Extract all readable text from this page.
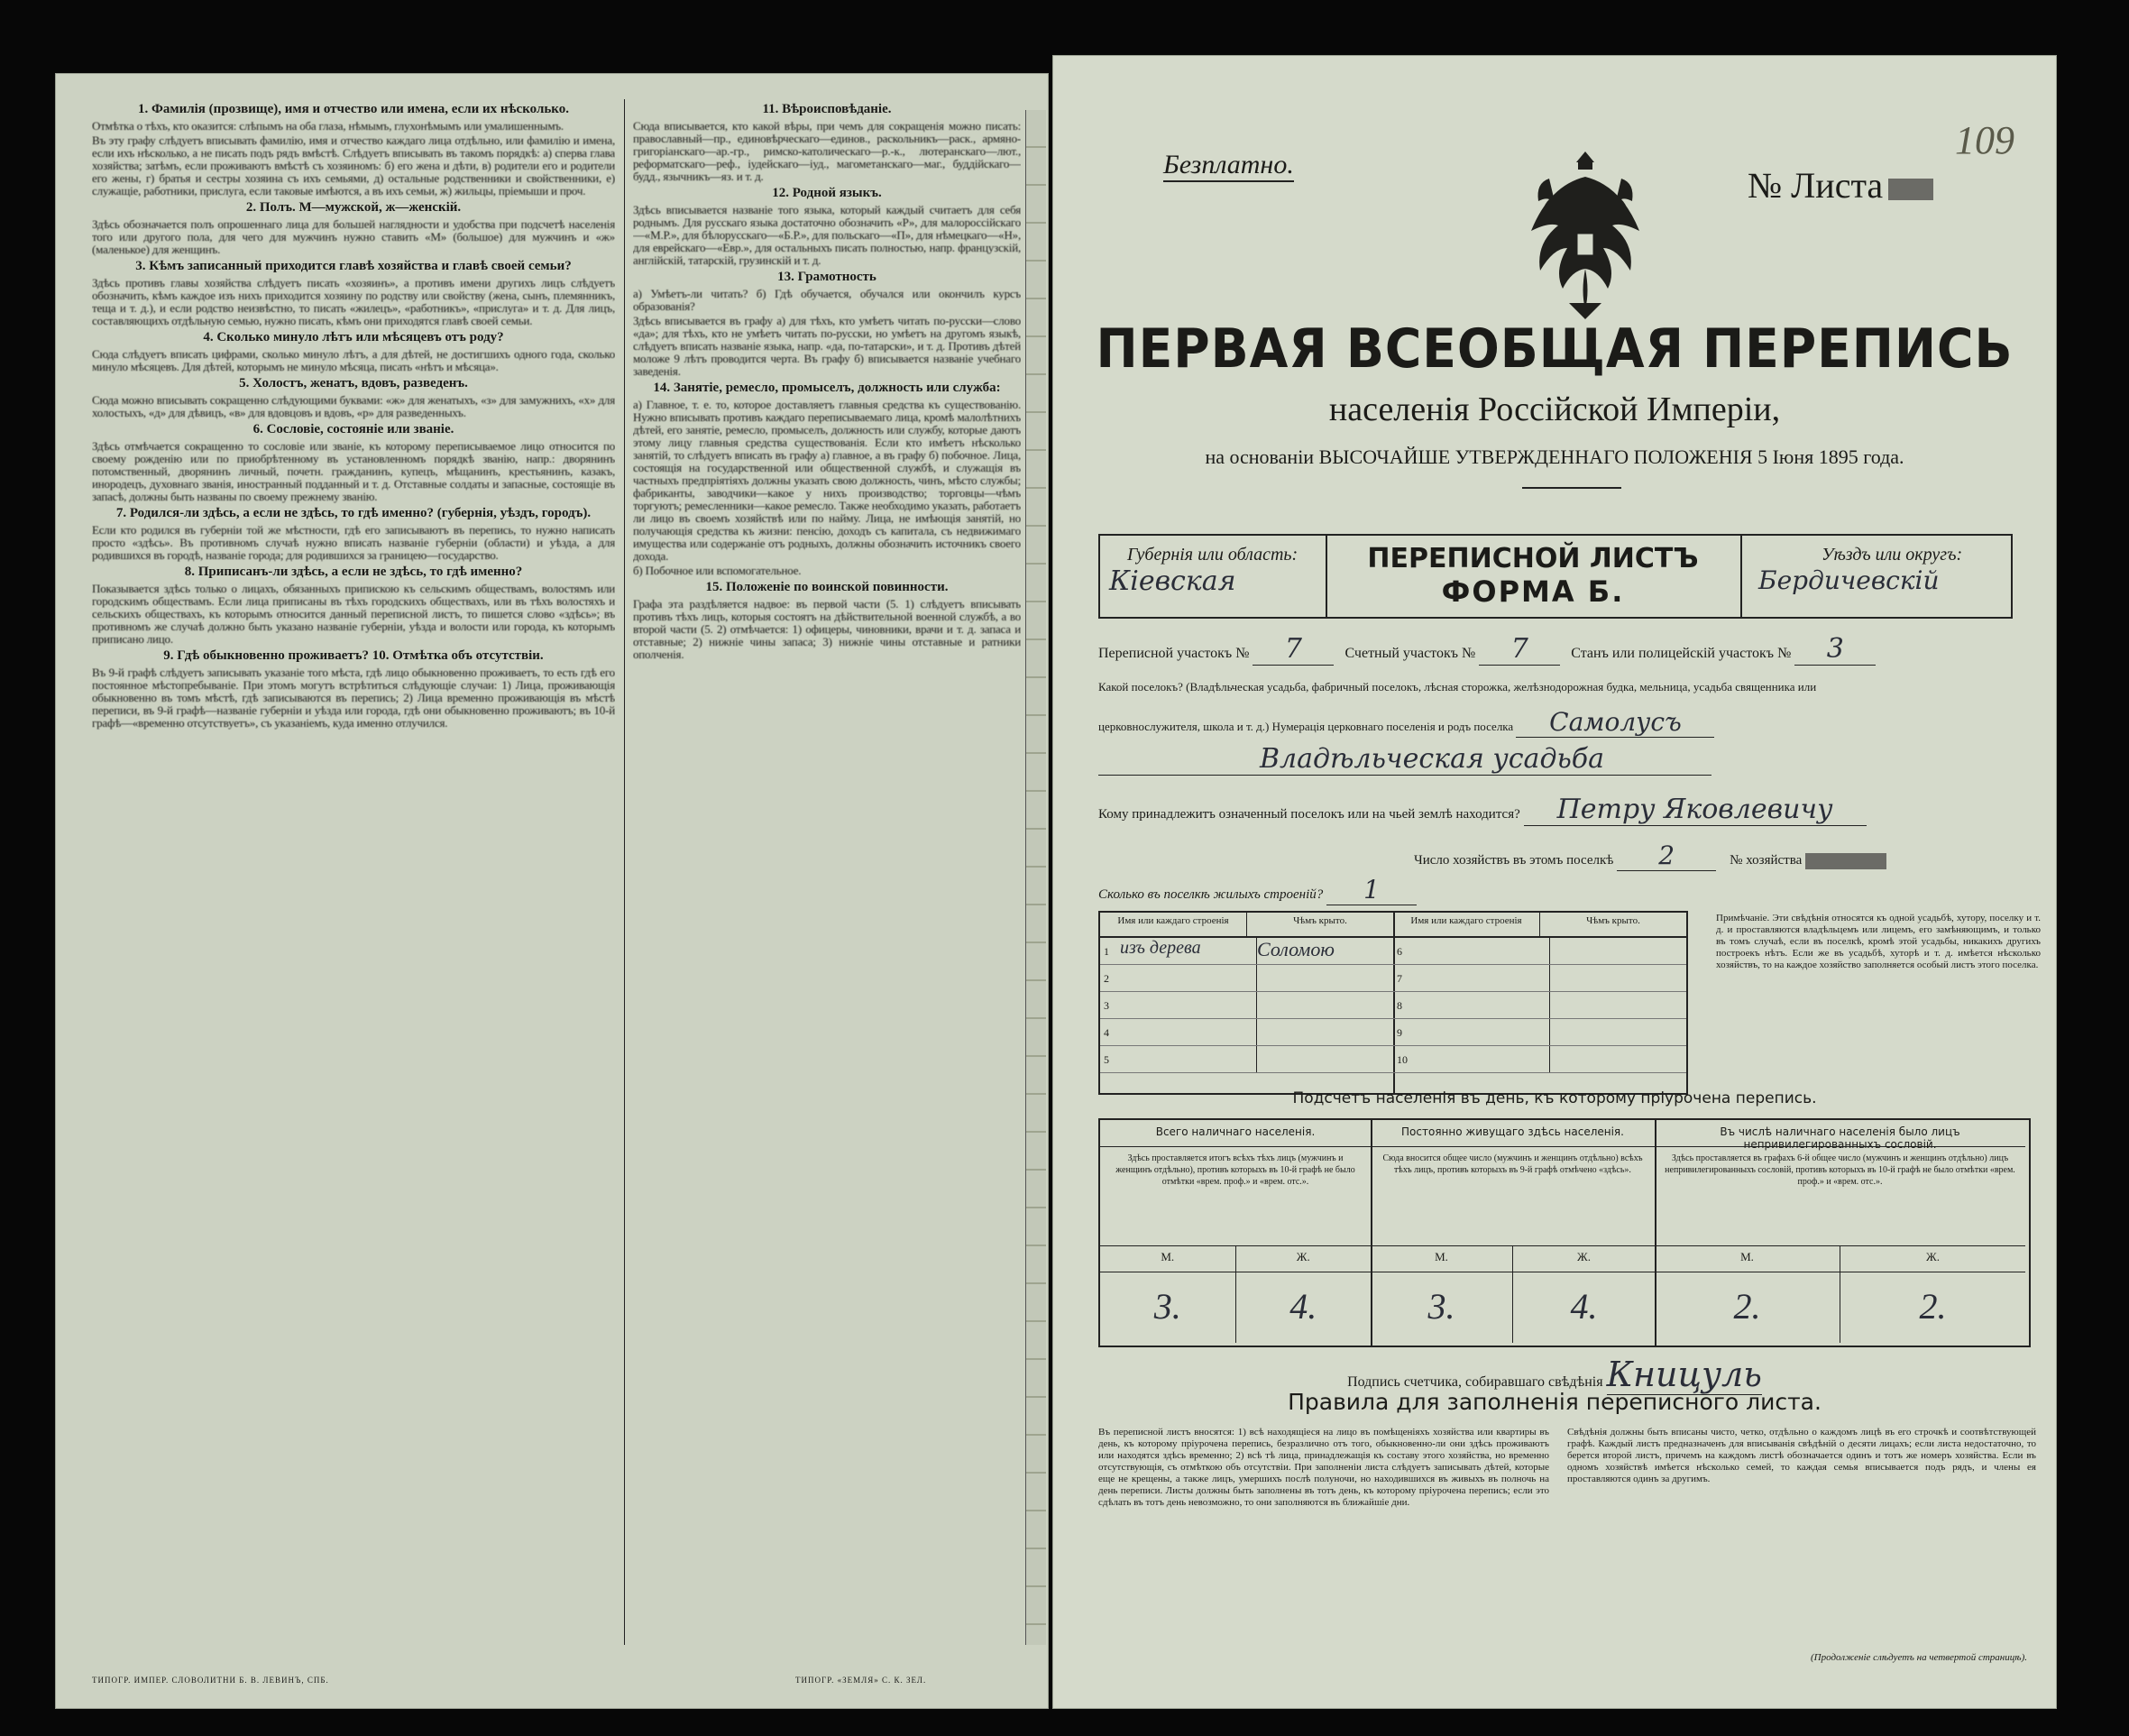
1. Фамилія (прозвище), имя и отчество или имена, если их нѣсколько.
Отмѣтка о тѣхъ, кто оказится: слѣпымъ на оба глаза, нѣмымъ, глухонѣмымъ или умалишеннымъ.
Въ эту графу слѣдуетъ вписывать фамилію, имя и отчество каждаго лица отдѣльно, или фамилію и имена, если ихъ нѣсколько, а не писать подъ рядъ вмѣстѣ. Слѣдуетъ вписывать въ такомъ порядкѣ: а) сперва глава хозяйства; затѣмъ, если проживаютъ вмѣстѣ съ хозяиномъ: б) его жена и дѣти, в) родители его и родители его жены, г) братья и сестры хозяина съ ихъ семьями, д) остальные родственники и свойственники, е) служащіе, работники, прислуга, если таковые имѣются, а въ ихъ семьи, ж) жильцы, пріемыши и проч.
2. Полъ. М—мужской, ж—женскій.
Здѣсь обозначается полъ опрошеннаго лица для большей наглядности и удобства при подсчетѣ населенія того или другого пола, для чего для мужчинъ нужно ставить «М» (большое) для мужчинъ и «ж» (маленькое) для женщинъ.
3. Кѣмъ записанный приходится главѣ хозяйства и главѣ своей семьи?
Здѣсь противъ главы хозяйства слѣдуетъ писать «хозяинъ», а противъ имени другихъ лицъ слѣдуетъ обозначить, кѣмъ каждое изъ нихъ приходится хозяину по родству или свойству (жена, сынъ, племянникъ, теща и т. д.), и если родство неизвѣстно, то писать «жилецъ», «работникъ», «прислуга» и т. д. Для лицъ, составляющихъ отдѣльную семью, нужно писать, кѣмъ они приходятся главѣ своей семьи.
4. Сколько минуло лѣтъ или мѣсяцевъ отъ роду?
Сюда слѣдуетъ вписать цифрами, сколько минуло лѣтъ, а для дѣтей, не достигшихъ одного года, сколько минуло мѣсяцевъ. Для дѣтей, которымъ не минуло мѣсяца, писать «нѣтъ и мѣсяца».
5. Холостъ, женатъ, вдовъ, разведенъ.
Сюда можно вписывать сокращенно слѣдующими буквами: «ж» для женатыхъ, «з» для замужнихъ, «х» для холостыхъ, «д» для дѣвицъ, «в» для вдовцовъ и вдовъ, «р» для разведенныхъ.
6. Сословіе, состояніе или званіе.
Здѣсь отмѣчается сокращенно то сословіе или званіе, къ которому переписываемое лицо относится по своему рожденію или по приобрѣтенному въ установленномъ порядкѣ званію, напр.: дворянинъ потомственный, дворянинъ личный, почетн. гражданинъ, купецъ, мѣщанинъ, крестьянинъ, казакъ, инородецъ, духовнаго званія, иностранный подданный и т. д. Отставные солдаты и запасные, состоящіе въ запасѣ, должны быть названы по своему прежнему званію.
7. Родился-ли здѣсь, а если не здѣсь, то гдѣ именно? (губернія, уѣздъ, городъ).
Если кто родился въ губерніи той же мѣстности, гдѣ его записываютъ въ перепись, то нужно написать просто «здѣсь». Въ противномъ случаѣ нужно вписать названіе губерніи (области) и уѣзда, а для родившихся въ городѣ, названіе города; для родившихся за границею—государство.
8. Приписанъ-ли здѣсь, а если не здѣсь, то гдѣ именно?
Показывается здѣсь только о лицахъ, обязанныхъ припискою къ сельскимъ обществамъ, волостямъ или городскимъ обществамъ. Если лица приписаны въ тѣхъ городскихъ обществахъ, или въ тѣхъ волостяхъ и сельскихъ обществахъ, къ которымъ относится данный переписной листъ, то пишется слово «здѣсь»; въ противномъ же случаѣ должно быть указано названіе губерніи, уѣзда и волости или города, къ которымъ приписано лицо.
9. Гдѣ обыкновенно проживаетъ? 10. Отмѣтка объ отсутствіи.
Въ 9-й графѣ слѣдуетъ записывать указаніе того мѣста, гдѣ лицо обыкновенно проживаетъ, то есть гдѣ его постоянное мѣстопребываніе. При этомъ могутъ встрѣтиться слѣдующіе случаи: 1) Лица, проживающія обыкновенно въ томъ мѣстѣ, гдѣ записываются въ перепись; 2) Лица временно проживающія въ мѣстѣ переписи, въ 9-й графѣ—названіе губерніи и уѣзда или города, гдѣ они обыкновенно проживаютъ; въ 10-й графѣ—«временно отсутствуетъ», съ указаніемъ, куда именно отлучился.
11. Вѣроисповѣданіе.
Сюда вписывается, кто какой вѣры, при чемъ для сокращенія можно писать: православный—пр., единовѣрческаго—единов., раскольникъ—раск., армяно-григоріанскаго—ар.-гр., римско-католическаго—р.-к., лютеранскаго—лют., реформатскаго—реф., іудейскаго—іуд., магометанскаго—маг., буддійскаго—будд., язычникъ—яз. и т. д.
12. Родной языкъ.
Здѣсь вписывается названіе того языка, который каждый считаетъ для себя роднымъ. Для русскаго языка достаточно обозначить «Р», для малороссійскаго—«М.Р.», для бѣлорусскаго—«Б.Р.», для польскаго—«П», для нѣмецкаго—«Н», для еврейскаго—«Евр.», для остальныхъ писать полностью, напр. французскій, англійскій, татарскій, грузинскій и т. д.
13. Грамотность
а) Умѣетъ-ли читать? б) Гдѣ обучается, обучался или окончилъ курсъ образованія?
Здѣсь вписывается въ графу а) для тѣхъ, кто умѣетъ читать по-русски—слово «да»; для тѣхъ, кто не умѣетъ читать по-русски, но умѣетъ на другомъ языкѣ, слѣдуетъ вписать названіе языка, напр. «да, по-татарски», и т. д. Противъ дѣтей моложе 9 лѣтъ проводится черта. Въ графу б) вписывается названіе учебнаго заведенія.
14. Занятіе, ремесло, промыселъ, должность или служба:
а) Главное, т. е. то, которое доставляетъ главныя средства къ существованію. Нужно вписывать противъ каждаго переписываемаго лица, кромѣ малолѣтнихъ дѣтей, его занятіе, ремесло, промыселъ, должность или службу, которые даютъ этому лицу главныя средства существованія. Если кто имѣетъ нѣсколько занятій, то слѣдуетъ вписать въ графу а) главное, а въ графу б) побочное. Лица, состоящія на государственной или общественной службѣ, и служащія въ частныхъ предпріятіяхъ должны указать свою должность, чинъ, мѣсто службы; фабриканты, заводчики—какое у нихъ производство; торговцы—чѣмъ торгуютъ; ремесленники—какое ремесло. Также необходимо указать, работаетъ ли лицо въ своемъ хозяйствѣ или по найму. Лица, не имѣющія занятій, но получающія средства къ жизни: пенсію, доходъ съ капитала, съ недвижимаго имущества или содержаніе отъ родныхъ, должны обозначить источникъ своего дохода.
б) Побочное или вспомогательное.
15. Положеніе по воинской повинности.
Графа эта раздѣляется надвое: въ первой части (5. 1) слѣдуетъ вписывать противъ тѣхъ лицъ, которыя состоятъ на дѣйствительной военной службѣ, а во второй части (5. 2) отмѣчается: 1) офицеры, чиновники, врачи и т. д. запаса и отставные; 2) нижніе чины запаса; 3) нижніе чины отставные и ратники ополченія.
ТИПОГР. ИМПЕР. СЛОВОЛИТНИ Б. В. ЛЕВИНЪ, СПБ.	ТИПОГР. «ЗЕМЛЯ» С. К. ЗЕЛ.
Безплатно.
109
№ Листа
ПЕРВАЯ ВСЕОБЩАЯ ПЕРЕПИСЬ
населенія Россійской Имперіи,
на основаніи ВЫСОЧАЙШЕ УТВЕРЖДЕННАГО ПОЛОЖЕНІЯ 5 Іюня 1895 года.
Губернія или область:
Кіевская
ПЕРЕПИСНОЙ ЛИСТЪ
ФОРМА Б.
Уѣздъ или округъ:
Бердичевскій
Переписной участокъ № 7	Счетный участокъ № 7	Станъ или полицейскій участокъ № 3
Какой поселокъ? (Владѣльческая усадьба, фабричный поселокъ, лѣсная сторожка, желѣзнодорожная будка, мельница, усадьба священника или
церковнослужителя, школа и т. д.) Нумерація церковнаго поселенія и родъ поселка Самолусъ
Владѣльческая усадьба
Кому принадлежитъ означенный поселокъ или на чьей землѣ находится? Петру Яковлевичу
Число хозяйствъ въ этомъ поселкѣ 2	№ хозяйства
Сколько въ поселкѣ жилыхъ строеній? 1
Имя или каждаго строенія	Чѣмъ крыто.
1 изъ дерева	Соломою
2
3
4
5
Имя или каждаго строенія	Чѣмъ крыто.
6
7
8
9
10
Примѣчаніе. Эти свѣдѣнія относятся къ одной усадьбѣ, хутору, поселку и т. д. и проставляются владѣльцемъ или лицемъ, его замѣняющимъ, и только въ томъ случаѣ, если въ поселкѣ, кромѣ этой усадьбы, никакихъ другихъ построекъ нѣтъ. Если же въ усадьбѣ, хуторѣ и т. д. имѣется нѣсколько хозяйствъ, то на каждое хозяйство заполняется особый листъ этого поселка.
Подсчетъ населенія въ день, къ которому пріурочена перепись.
Всего наличнаго населенія.
Здѣсь проставляется итогъ всѣхъ тѣхъ лицъ (мужчинъ и женщинъ отдѣльно), противъ которыхъ въ 10-й графѣ не было отмѣтки «врем. проф.» и «врем. отс.».
М.	Ж.
3.	4.
Постоянно живущаго здѣсь населенія.
Сюда вносится общее число (мужчинъ и женщинъ отдѣльно) всѣхъ тѣхъ лицъ, противъ которыхъ въ 9-й графѣ отмѣчено «здѣсь».
М.	Ж.
3.	4.
Въ числѣ наличнаго населенія было лицъ непривилегированныхъ сословій.
Здѣсь проставляется въ графахъ 6-й общее число (мужчинъ и женщинъ отдѣльно) лицъ непривилегированныхъ сословій, противъ которыхъ въ 10-й графѣ не было отмѣтки «врем. проф.» и «врем. отс.».
М.	Ж.
2.	2.
Подпись счетчика, собиравшаго свѣдѣнія Кницуль
Правила для заполненія переписного листа.
Въ переписной листъ вносятся: 1) всѣ находящіеся на лицо въ помѣщеніяхъ хозяйства или квартиры въ день, къ которому пріурочена перепись, безразлично отъ того, обыкновенно-ли они здѣсь проживаютъ или находятся здѣсь временно; 2) всѣ тѣ лица, принадлежащія къ составу этого хозяйства, но временно отсутствующія, съ отмѣткою объ отсутствіи. При заполненіи листа слѣдуетъ записывать дѣтей, которые еще не крещены, а также лицъ, умершихъ послѣ полуночи, но находившихся въ живыхъ въ полночь на день переписи. Листы должны быть заполнены въ тотъ день, къ которому пріурочена перепись; если это сдѣлать въ тотъ день невозможно, то они заполняются въ ближайшіе дни.
Свѣдѣнія должны быть вписаны чисто, четко, отдѣльно о каждомъ лицѣ въ его строчкѣ и соотвѣтствующей графѣ. Каждый листъ предназначенъ для вписыванія свѣдѣній о десяти лицахъ; если листа недостаточно, то берется второй листъ, причемъ на каждомъ листѣ обозначается одинъ и тотъ же номеръ хозяйства. Если въ одномъ хозяйствѣ имѣется нѣсколько семей, то каждая семья вписывается подъ рядъ, и члены ея проставляются одинъ за другимъ.
(Продолженіе слѣдуетъ на четвертой страницѣ).
